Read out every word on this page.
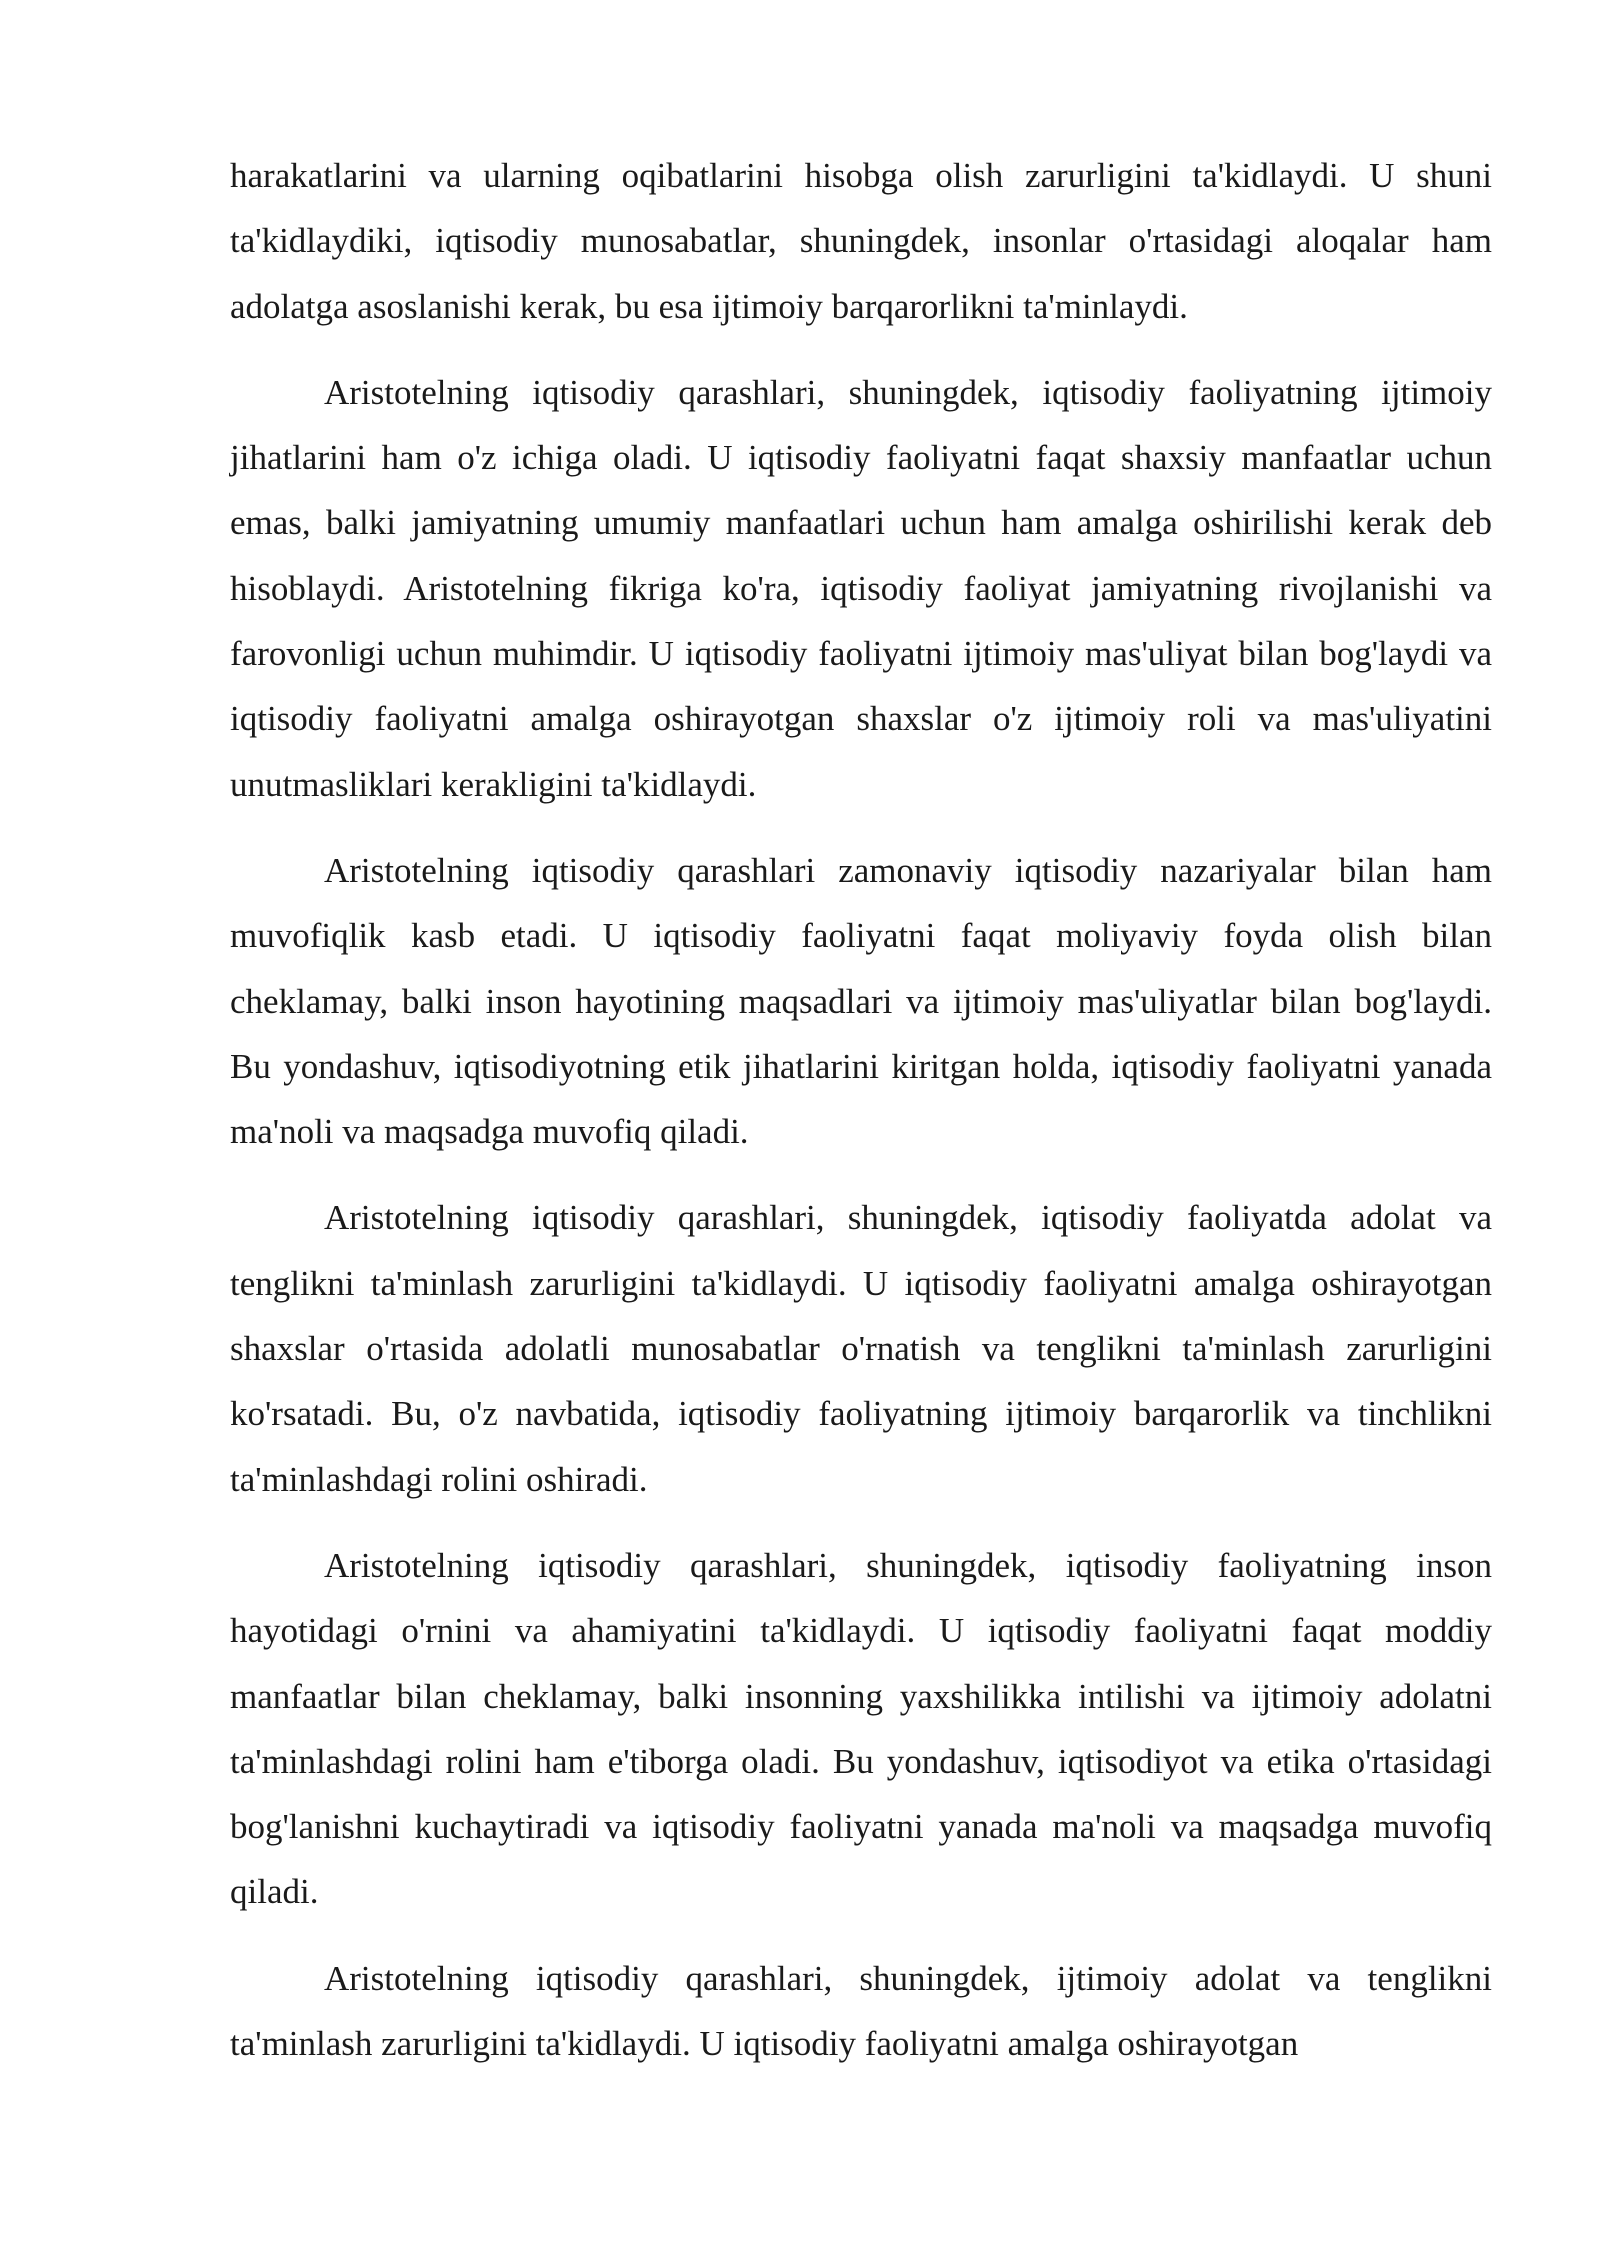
harakatlarini va ularning oqibatlarini hisobga olish zarurligini ta'kidlaydi. U shuni ta'kidlaydiki, iqtisodiy munosabatlar, shuningdek, insonlar o'rtasidagi aloqalar ham adolatga asoslanishi kerak, bu esa ijtimoiy barqarorlikni ta'minlaydi.

Aristotelning iqtisodiy qarashlari, shuningdek, iqtisodiy faoliyatning ijtimoiy jihatlarini ham o'z ichiga oladi. U iqtisodiy faoliyatni faqat shaxsiy manfaatlar uchun emas, balki jamiyatning umumiy manfaatlari uchun ham amalga oshirilishi kerak deb hisoblaydi. Aristotelning fikriga ko'ra, iqtisodiy faoliyat jamiyatning rivojlanishi va farovonligi uchun muhimdir. U iqtisodiy faoliyatni ijtimoiy mas'uliyat bilan bog'laydi va iqtisodiy faoliyatni amalga oshirayotgan shaxslar o'z ijtimoiy roli va mas'uliyatini unutmasliklari kerakligini ta'kidlaydi.

Aristotelning iqtisodiy qarashlari zamonaviy iqtisodiy nazariyalar bilan ham muvofiqlik kasb etadi. U iqtisodiy faoliyatni faqat moliyaviy foyda olish bilan cheklamay, balki inson hayotining maqsadlari va ijtimoiy mas'uliyatlar bilan bog'laydi. Bu yondashuv, iqtisodiyotning etik jihatlarini kiritgan holda, iqtisodiy faoliyatni yanada ma'noli va maqsadga muvofiq qiladi.

Aristotelning iqtisodiy qarashlari, shuningdek, iqtisodiy faoliyatda adolat va tenglikni ta'minlash zarurligini ta'kidlaydi. U iqtisodiy faoliyatni amalga oshirayotgan shaxslar o'rtasida adolatli munosabatlar o'rnatish va tenglikni ta'minlash zarurligini ko'rsatadi. Bu, o'z navbatida, iqtisodiy faoliyatning ijtimoiy barqarorlik va tinchlikni ta'minlashdagi rolini oshiradi.

Aristotelning iqtisodiy qarashlari, shuningdek, iqtisodiy faoliyatning inson hayotidagi o'rnini va ahamiyatini ta'kidlaydi. U iqtisodiy faoliyatni faqat moddiy manfaatlar bilan cheklamay, balki insonning yaxshilikka intilishi va ijtimoiy adolatni ta'minlashdagi rolini ham e'tiborga oladi. Bu yondashuv, iqtisodiyot va etika o'rtasidagi bog'lanishni kuchaytiradi va iqtisodiy faoliyatni yanada ma'noli va maqsadga muvofiq qiladi.

Aristotelning iqtisodiy qarashlari, shuningdek, ijtimoiy adolat va tenglikni ta'minlash zarurligini ta'kidlaydi. U iqtisodiy faoliyatni amalga oshirayotgan
